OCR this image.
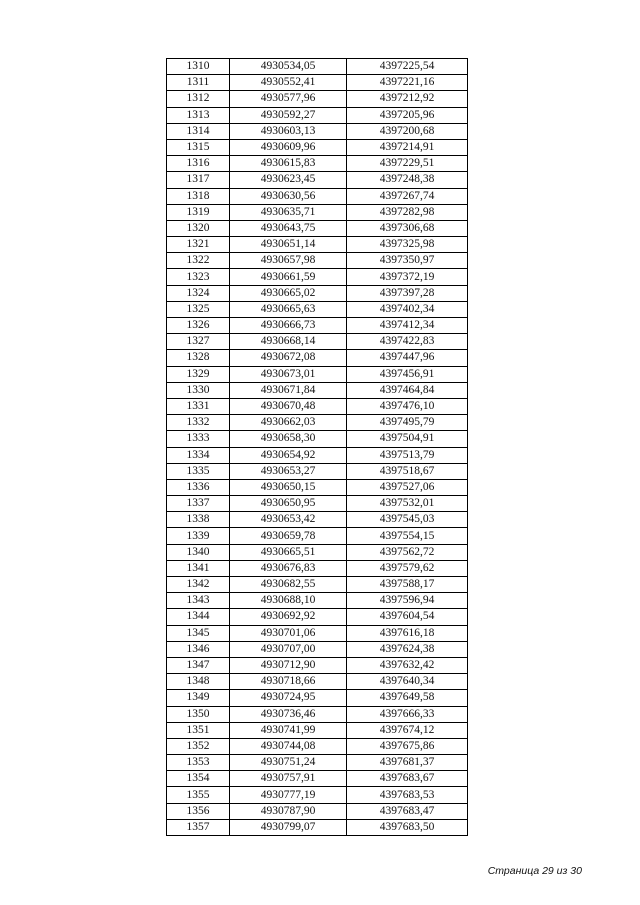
1310	4930534,05	4397225,54
1311	4930552,41	4397221,16
1312	4930577,96	4397212,92
1313	4930592,27	4397205,96
1314	4930603,13	4397200,68
1315	4930609,96	4397214,91
1316	4930615,83	4397229,51
1317	4930623,45	4397248,38
1318	4930630,56	4397267,74
1319	4930635,71	4397282,98
1320	4930643,75	4397306,68
1321	4930651,14	4397325,98
1322	4930657,98	4397350,97
1323	4930661,59	4397372,19
1324	4930665,02	4397397,28
1325	4930665,63	4397402,34
1326	4930666,73	4397412,34
1327	4930668,14	4397422,83
1328	4930672,08	4397447,96
1329	4930673,01	4397456,91
1330	4930671,84	4397464,84
1331	4930670,48	4397476,10
1332	4930662,03	4397495,79
1333	4930658,30	4397504,91
1334	4930654,92	4397513,79
1335	4930653,27	4397518,67
1336	4930650,15	4397527,06
1337	4930650,95	4397532,01
1338	4930653,42	4397545,03
1339	4930659,78	4397554,15
1340	4930665,51	4397562,72
1341	4930676,83	4397579,62
1342	4930682,55	4397588,17
1343	4930688,10	4397596,94
1344	4930692,92	4397604,54
1345	4930701,06	4397616,18
1346	4930707,00	4397624,38
1347	4930712,90	4397632,42
1348	4930718,66	4397640,34
1349	4930724,95	4397649,58
1350	4930736,46	4397666,33
1351	4930741,99	4397674,12
1352	4930744,08	4397675,86
1353	4930751,24	4397681,37
1354	4930757,91	4397683,67
1355	4930777,19	4397683,53
1356	4930787,90	4397683,47
1357	4930799,07	4397683,50
Страница 29 из 30
